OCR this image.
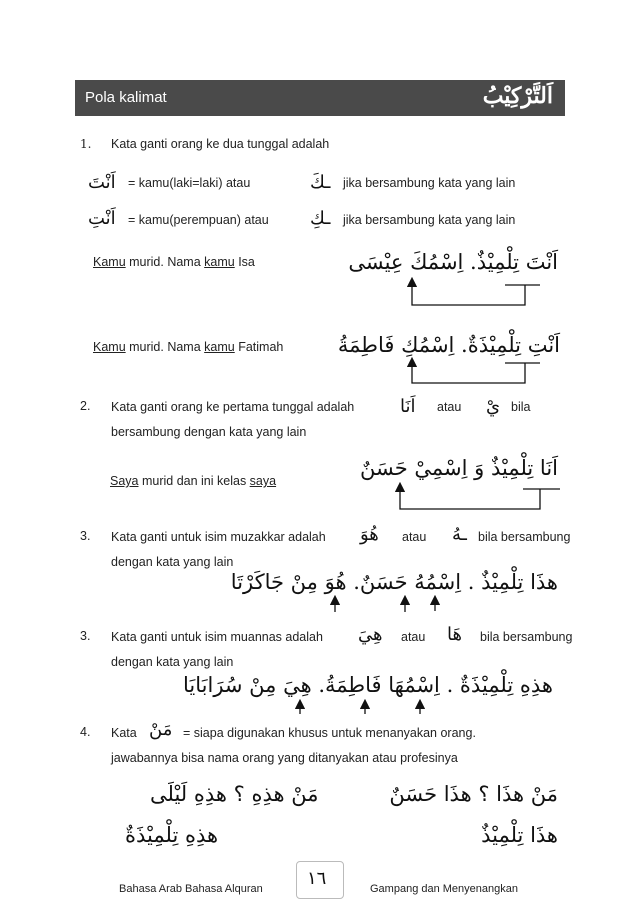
Pola kalimat	اَلتَّرْكِيْبُ
1. Kata ganti orang ke dua tunggal adalah
اَنْتَ = kamu(laki=laki) atau	ـكَ jika bersambung kata yang lain
اَنْتِ = kamu(perempuan) atau ـكِ jika bersambung kata yang lain
Kamu murid. Nama kamu Isa	اَنْتَ تِلْمِيْذٌ. اِسْمُكَ عِيْسَى
Kamu murid. Nama kamu Fatimah	اَنْتِ تِلْمِيْذَةٌ. اِسْمُكِ فَاطِمَةُ
2. Kata ganti orang ke pertama tunggal adalah	اَنَا atau يْ bila
bersambung dengan kata yang lain
Saya murid dan ini kelas saya
اَنَا تِلْمِيْذٌ وَ اِسْمِيْ حَسَنٌ
3. Kata ganti untuk isim muzakkar adalah هُوَ atau ـهُ bila bersambung
dengan kata yang lain
هذَا تِلْمِيْذٌ . اِسْمُهُ حَسَنٌ. هُوَ مِنْ جَاكَرْتَا
3. Kata ganti untuk isim muannas adalah هِيَ atau هَا bila bersambung
dengan kata yang lain
هذِهِ تِلْمِيْذَةٌ . اِسْمُهَا فَاطِمَةُ. هِيَ مِنْ سُرَابَايَا
4. Kata مَنْ = siapa digunakan khusus untuk menanyakan orang.
jawabannya bisa nama orang yang ditanyakan atau profesinya
مَنْ هذَا ؟ هذَا حَسَنٌ
مَنْ هذِهِ ؟ هذِهِ لَيْلَى
هذَا تِلْمِيْذٌ
هذِهِ تِلْمِيْذَةٌ
Bahasa Arab Bahasa Alquran ١٦	Gampang dan Menyenangkan
